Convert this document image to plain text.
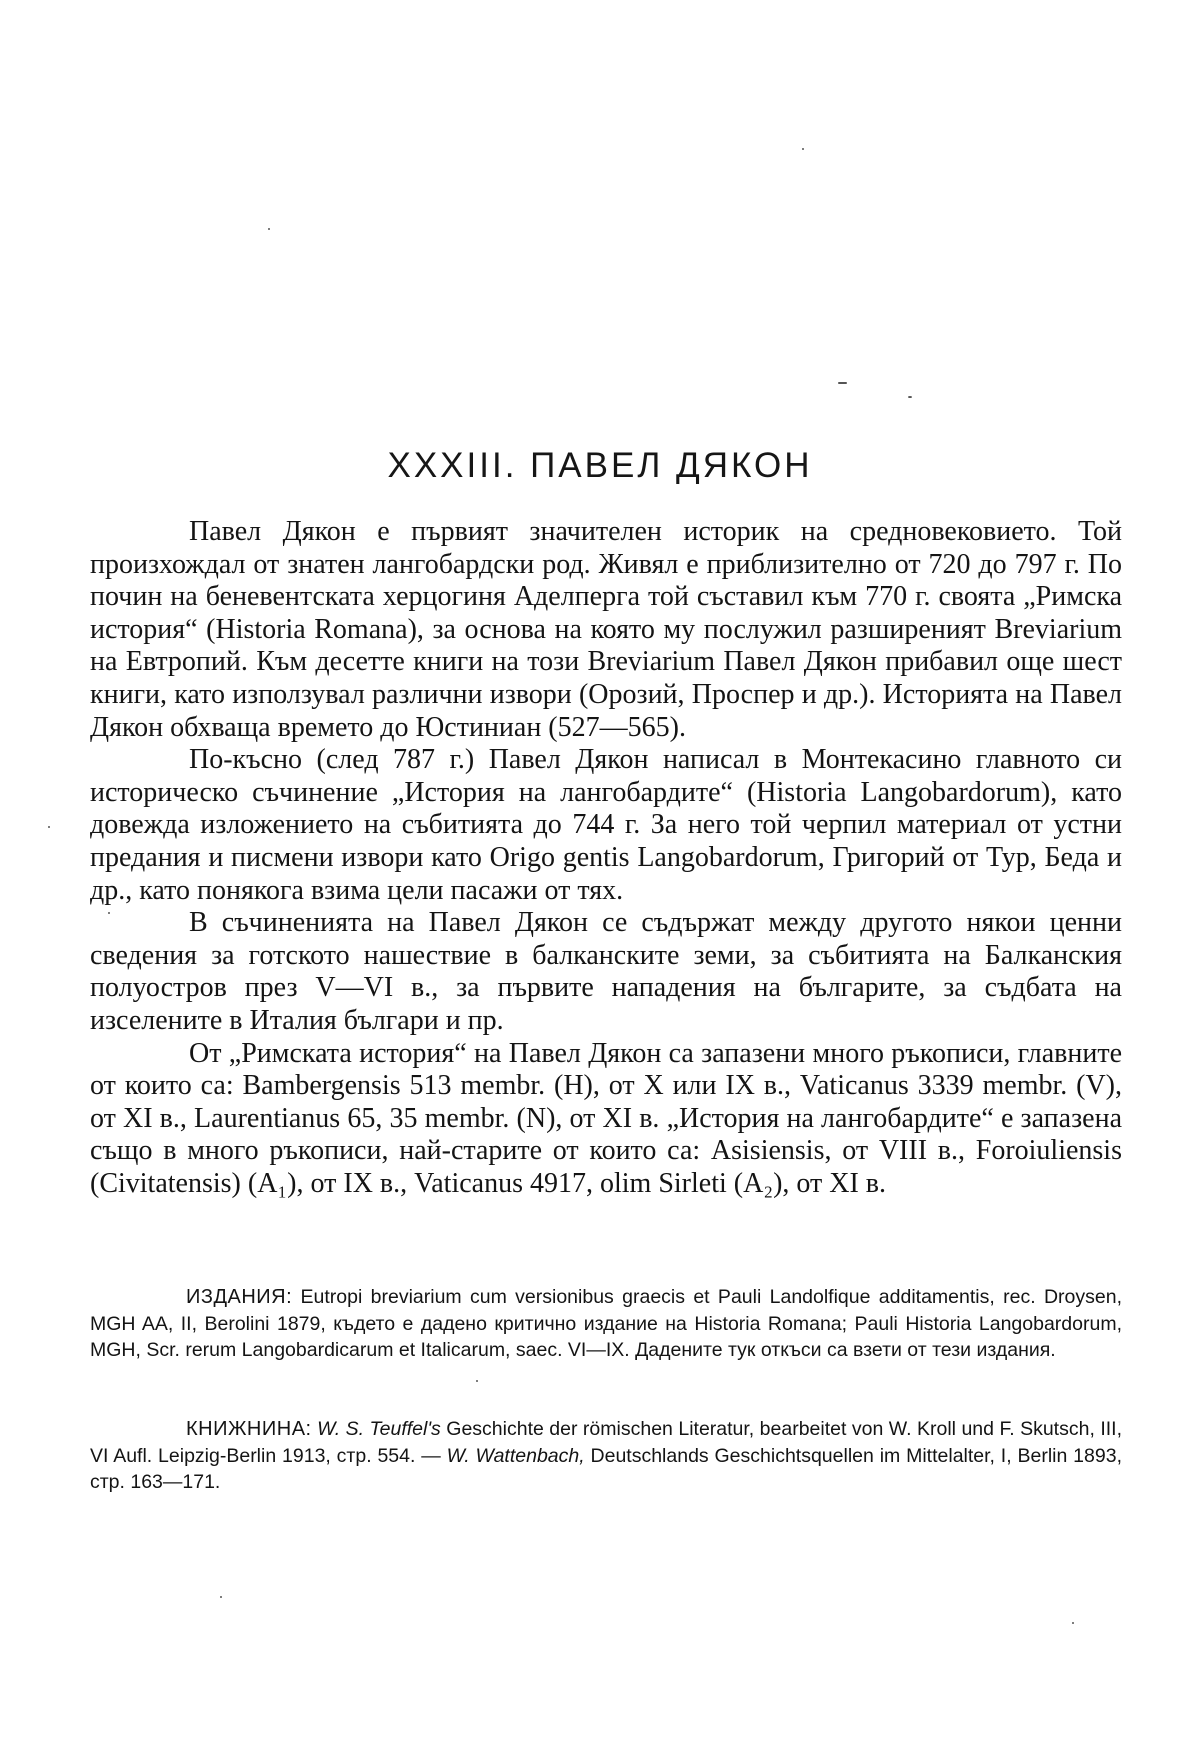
XXXIII. ПАВЕЛ ДЯКОН

Павел Дякон е първият значителен историк на средновековието. Той произхождал от знатен лангобардски род. Живял е приблизително от 720 до 797 г. По почин на беневентската херцогиня Аделперга той съставил към 770 г. своята „Римска история“ (Historia Romana), за основа на която му послужил разширеният Breviarium на Евтропий. Към десетте книги на този Breviarium Павел Дякон прибавил още шест книги, като използувал различни извори (Орозий, Проспер и др.). Историята на Павел Дякон обхваща времето до Юстиниан (527—565).

По-късно (след 787 г.) Павел Дякон написал в Монтекасино главното си историческо съчинение „История на лангобардите“ (Historia Langobardorum), като довежда изложението на събитията до 744 г. За него той черпил материал от устни предания и писмени извори като Origo gentis Langobardorum, Григорий от Тур, Беда и др., като понякога взима цели пасажи от тях.

В съчиненията на Павел Дякон се съдържат между другото някои ценни сведения за готското нашествие в балканските земи, за събитията на Балканския полуостров през V—VI в., за първите нападения на българите, за съдбата на изселените в Италия българи и пр.

От „Римската история“ на Павел Дякон са запазени много ръкописи, главните от които са: Bambergensis 513 membr. (H), от X или IX в., Vaticanus 3339 membr. (V), от XI в., Laurentianus 65, 35 membr. (N), от XI в. „История на лангобардите“ е запазена също в много ръкописи, най-старите от които са: Asisiensis, от VIII в., Foroiuliensis (Civitatensis) (A₁), от IX в., Vaticanus 4917, olim Sirleti (A₂), от XI в.

ИЗДАНИЯ: Eutropi breviarium cum versionibus graecis et Pauli Landolfique additamentis, rec. Droysen, MGH AA, II, Berolini 1879, където е дадено критично издание на Historia Romana; Pauli Historia Langobardorum, MGH, Scr. rerum Langobardicarum et Italicarum, saec. VI—IX. Дадените тук откъси са взети от тези издания.

КНИЖНИНА: W. S. Teuffel's Geschichte der römischen Literatur, bearbeitet von W. Kroll und F. Skutsch, III, VI Aufl. Leipzig-Berlin 1913, стр. 554. — W. Wattenbach, Deutschlands Geschichtsquellen im Mittelalter, I, Berlin 1893, стр. 163—171.
